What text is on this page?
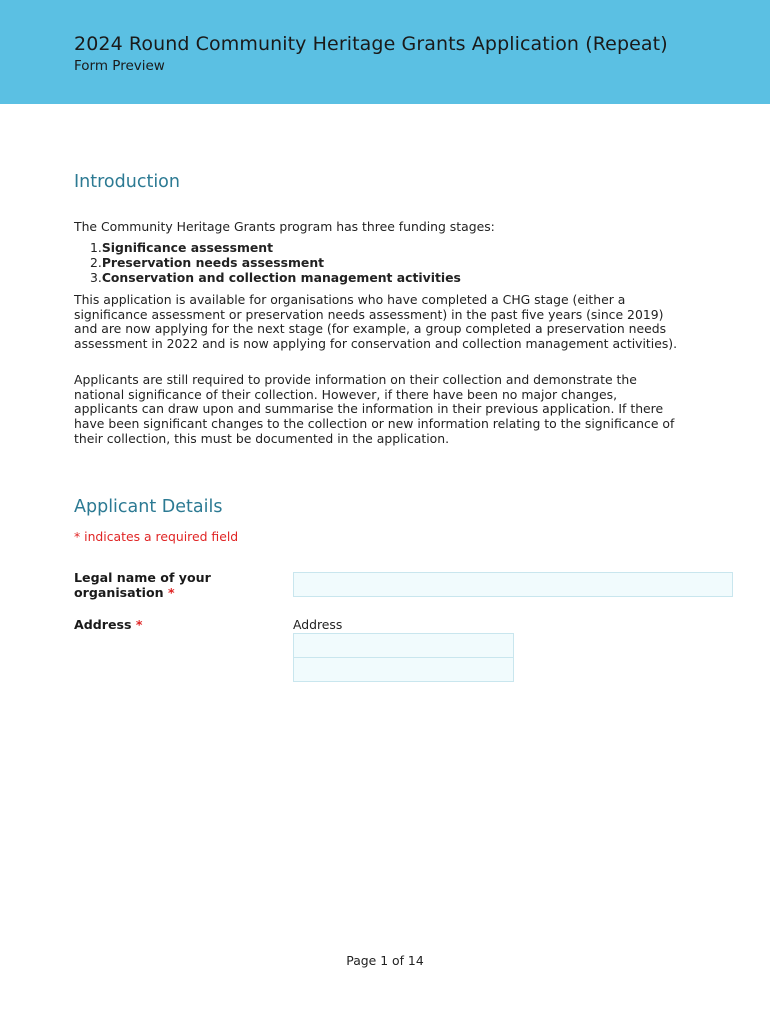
2024 Round Community Heritage Grants Application (Repeat)
Form Preview
Introduction
The Community Heritage Grants program has three funding stages:
1.Significance assessment
2.Preservation needs assessment
3.Conservation and collection management activities
This application is available for organisations who have completed a CHG stage (either a significance assessment or preservation needs assessment) in the past five years (since 2019) and are now applying for the next stage (for example, a group completed a preservation needs assessment in 2022 and is now applying for conservation and collection management activities).
Applicants are still required to provide information on their collection and demonstrate the national significance of their collection. However, if there have been no major changes, applicants can draw upon and summarise the information in their previous application. If there have been significant changes to the collection or new information relating to the significance of their collection, this must be documented in the application.
Applicant Details
* indicates a required field
Legal name of your organisation *
Address *	Address
Page 1 of 14
